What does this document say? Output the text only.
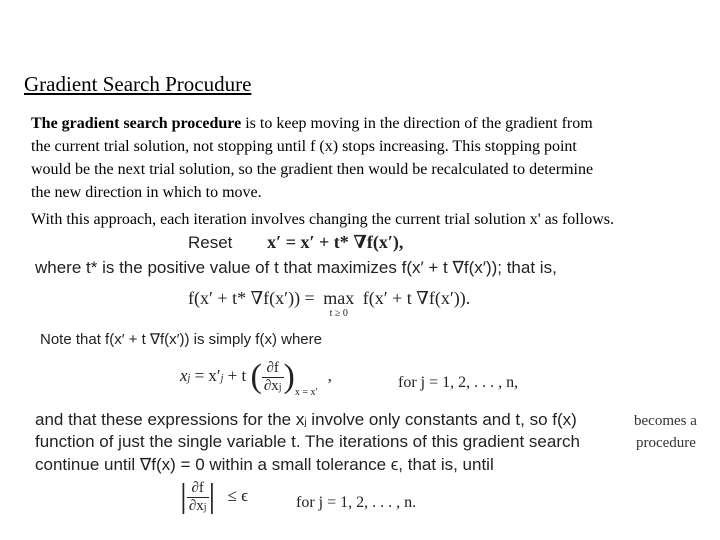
Gradient Search Procudure
The gradient search procedure is to keep moving in the direction of the gradient from
the current trial solution, not stopping until f (x) stops increasing. This stopping point
would be the next trial solution, so the gradient then would be recalculated to determine
the new direction in which to move.
With this approach, each iteration involves changing the current trial solution x' as follows.
Reset x′ = x′ + t* ∇f(x′),
where t* is the positive value of t that maximizes f(x′ + t ∇f(x′)); that is,
f(x′ + t* ∇f(x′)) = max
t ≥ 0
f(x′ + t ∇f(x′)).
Note that f(x′ + t ∇f(x′)) is simply f(x) where
xj = x′j + t ( $\frac{\partial f}{\partial xj} )_{x = x'}$,	for j = 1, 2, . . . , n,
and that these expressions for the xj involve only constants and t, so f(x)	becomes a
function of just the single variable t. The iterations of this gradient search	procedure
continue until ∇f(x) = 0 within a small tolerance ϵ, that is, until
| $\frac{\partial f}{\partial xj}$ | ≤ ϵ	for j = 1, 2, . . . , n.
